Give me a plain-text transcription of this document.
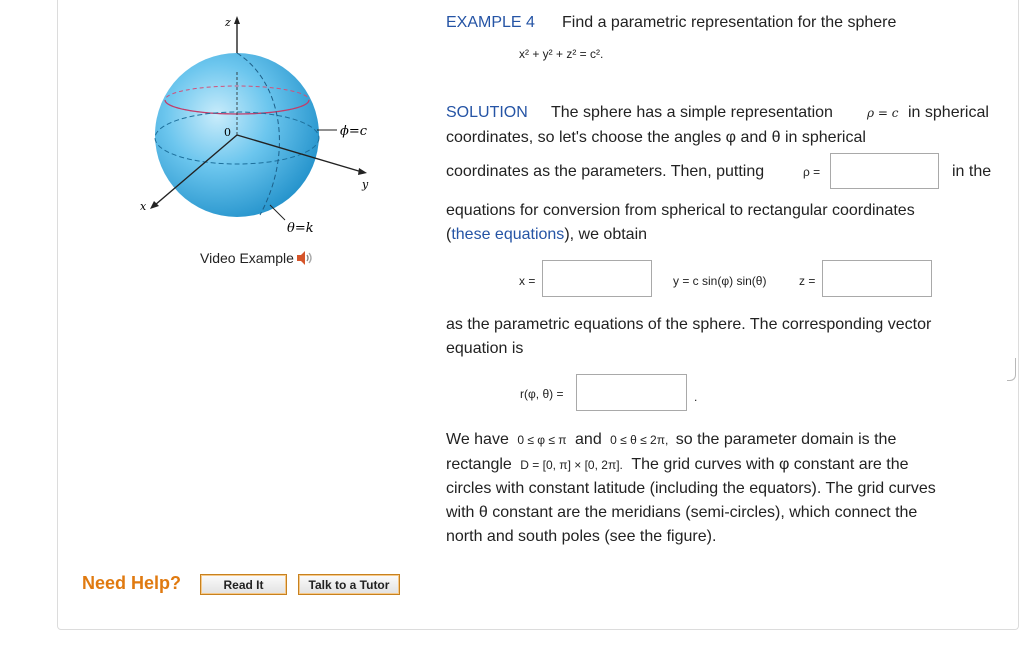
z
x
y
0	ϕ=c
θ=k
Video Example
EXAMPLE 4 Find a parametric representation for the sphere
x² + y² + z² = c².
SOLUTION The sphere has a simple representation	ρ = c in spherical
coordinates, so let's choose the angles φ and θ in spherical
coordinates as the parameters. Then, putting	ρ =	in the
equations for conversion from spherical to rectangular coordinates
(these equations), we obtain
x =	y = c sin(φ) sin(θ)	z =
as the parametric equations of the sphere. The corresponding vector
equation is
r(φ, θ) =	.
We have 0 ≤ φ ≤ π and 0 ≤ θ ≤ 2π, so the parameter domain is the
rectangle D = [0, π] × [0, 2π]. The grid curves with φ constant are the
circles with constant latitude (including the equators). The grid curves
with θ constant are the meridians (semi-circles), which connect the
north and south poles (see the figure).
Need Help?	Read It	Talk to a Tutor
